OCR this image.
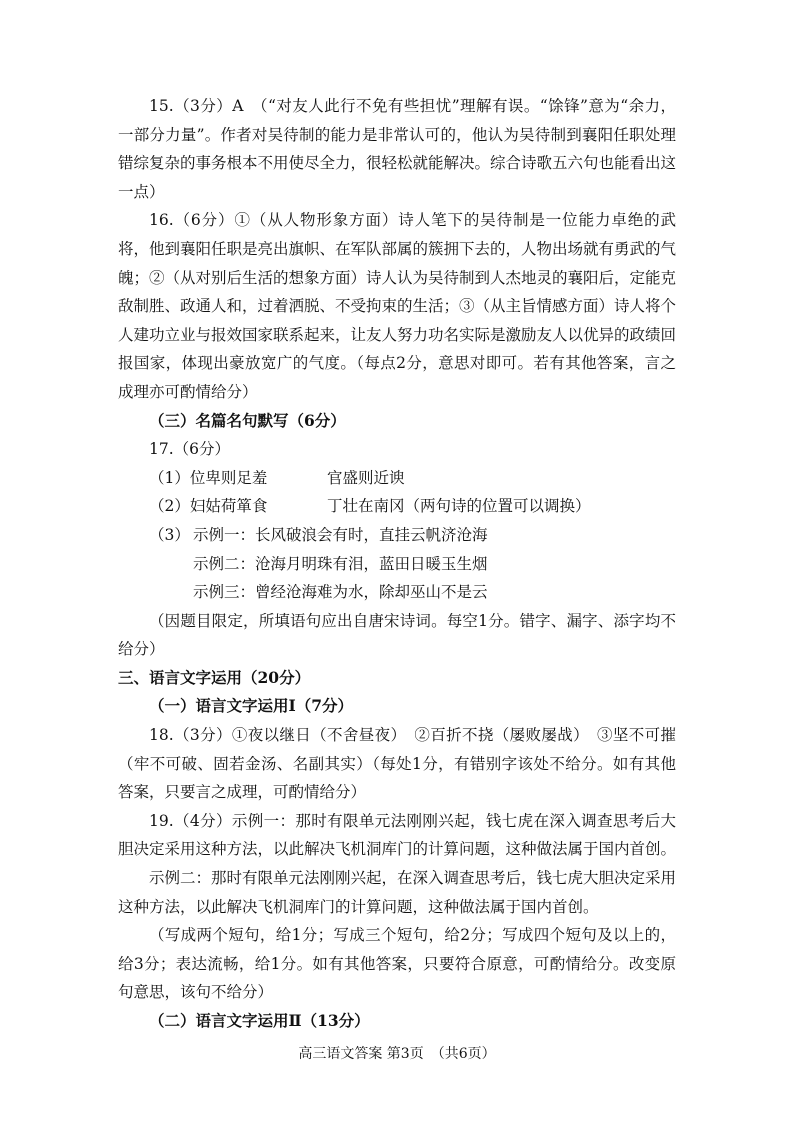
15.（3分）A　（“对友人此行不免有些担忧”理解有误。“馀锋”意为“余力，一部分力量”。作者对吴待制的能力是非常认可的，他认为吴待制到襄阳任职处理错综复杂的事务根本不用使尽全力，很轻松就能解决。综合诗歌五六句也能看出这一点）

16.（6分）①（从人物形象方面）诗人笔下的吴待制是一位能力卓绝的武将，他到襄阳任职是亮出旗帜、在军队部属的簇拥下去的，人物出场就有勇武的气魄；②（从对别后生活的想象方面）诗人认为吴待制到人杰地灵的襄阳后，定能克敌制胜、政通人和，过着洒脱、不受拘束的生活；③（从主旨情感方面）诗人将个人建功立业与报效国家联系起来，让友人努力功名实际是激励友人以优异的政绩回报国家，体现出豪放宽广的气度。（每点2分，意思对即可。若有其他答案，言之成理亦可酌情给分）

（三）名篇名句默写（6分）

17.（6分）

（1）位卑则足羞	官盛则近谀
（2）妇姑荷箪食	丁壮在南冈（两句诗的位置可以调换）
（3） 示例一：长风破浪会有时，直挂云帆济沧海
示例二：沧海月明珠有泪，蓝田日暖玉生烟
示例三：曾经沧海难为水，除却巫山不是云

（因题目限定，所填语句应出自唐宋诗词。每空1分。错字、漏字、添字均不给分）

三、语言文字运用（20分）

（一）语言文字运用Ⅰ（7分）

18.（3分）①夜以继日（不舍昼夜）　②百折不挠（屡败屡战）　③坚不可摧（牢不可破、固若金汤、名副其实）（每处1分，有错别字该处不给分。如有其他答案，只要言之成理，可酌情给分）

19.（4分）示例一：那时有限单元法刚刚兴起，钱七虎在深入调查思考后大胆决定采用这种方法，以此解决飞机洞库门的计算问题，这种做法属于国内首创。

示例二：那时有限单元法刚刚兴起，在深入调查思考后，钱七虎大胆决定采用这种方法，以此解决飞机洞库门的计算问题，这种做法属于国内首创。

（写成两个短句，给1分；写成三个短句，给2分；写成四个短句及以上的，给3分；表达流畅，给1分。如有其他答案，只要符合原意，可酌情给分。改变原句意思，该句不给分）

（二）语言文字运用Ⅱ（13分）

高三语文答案 第3页　（共6页）
